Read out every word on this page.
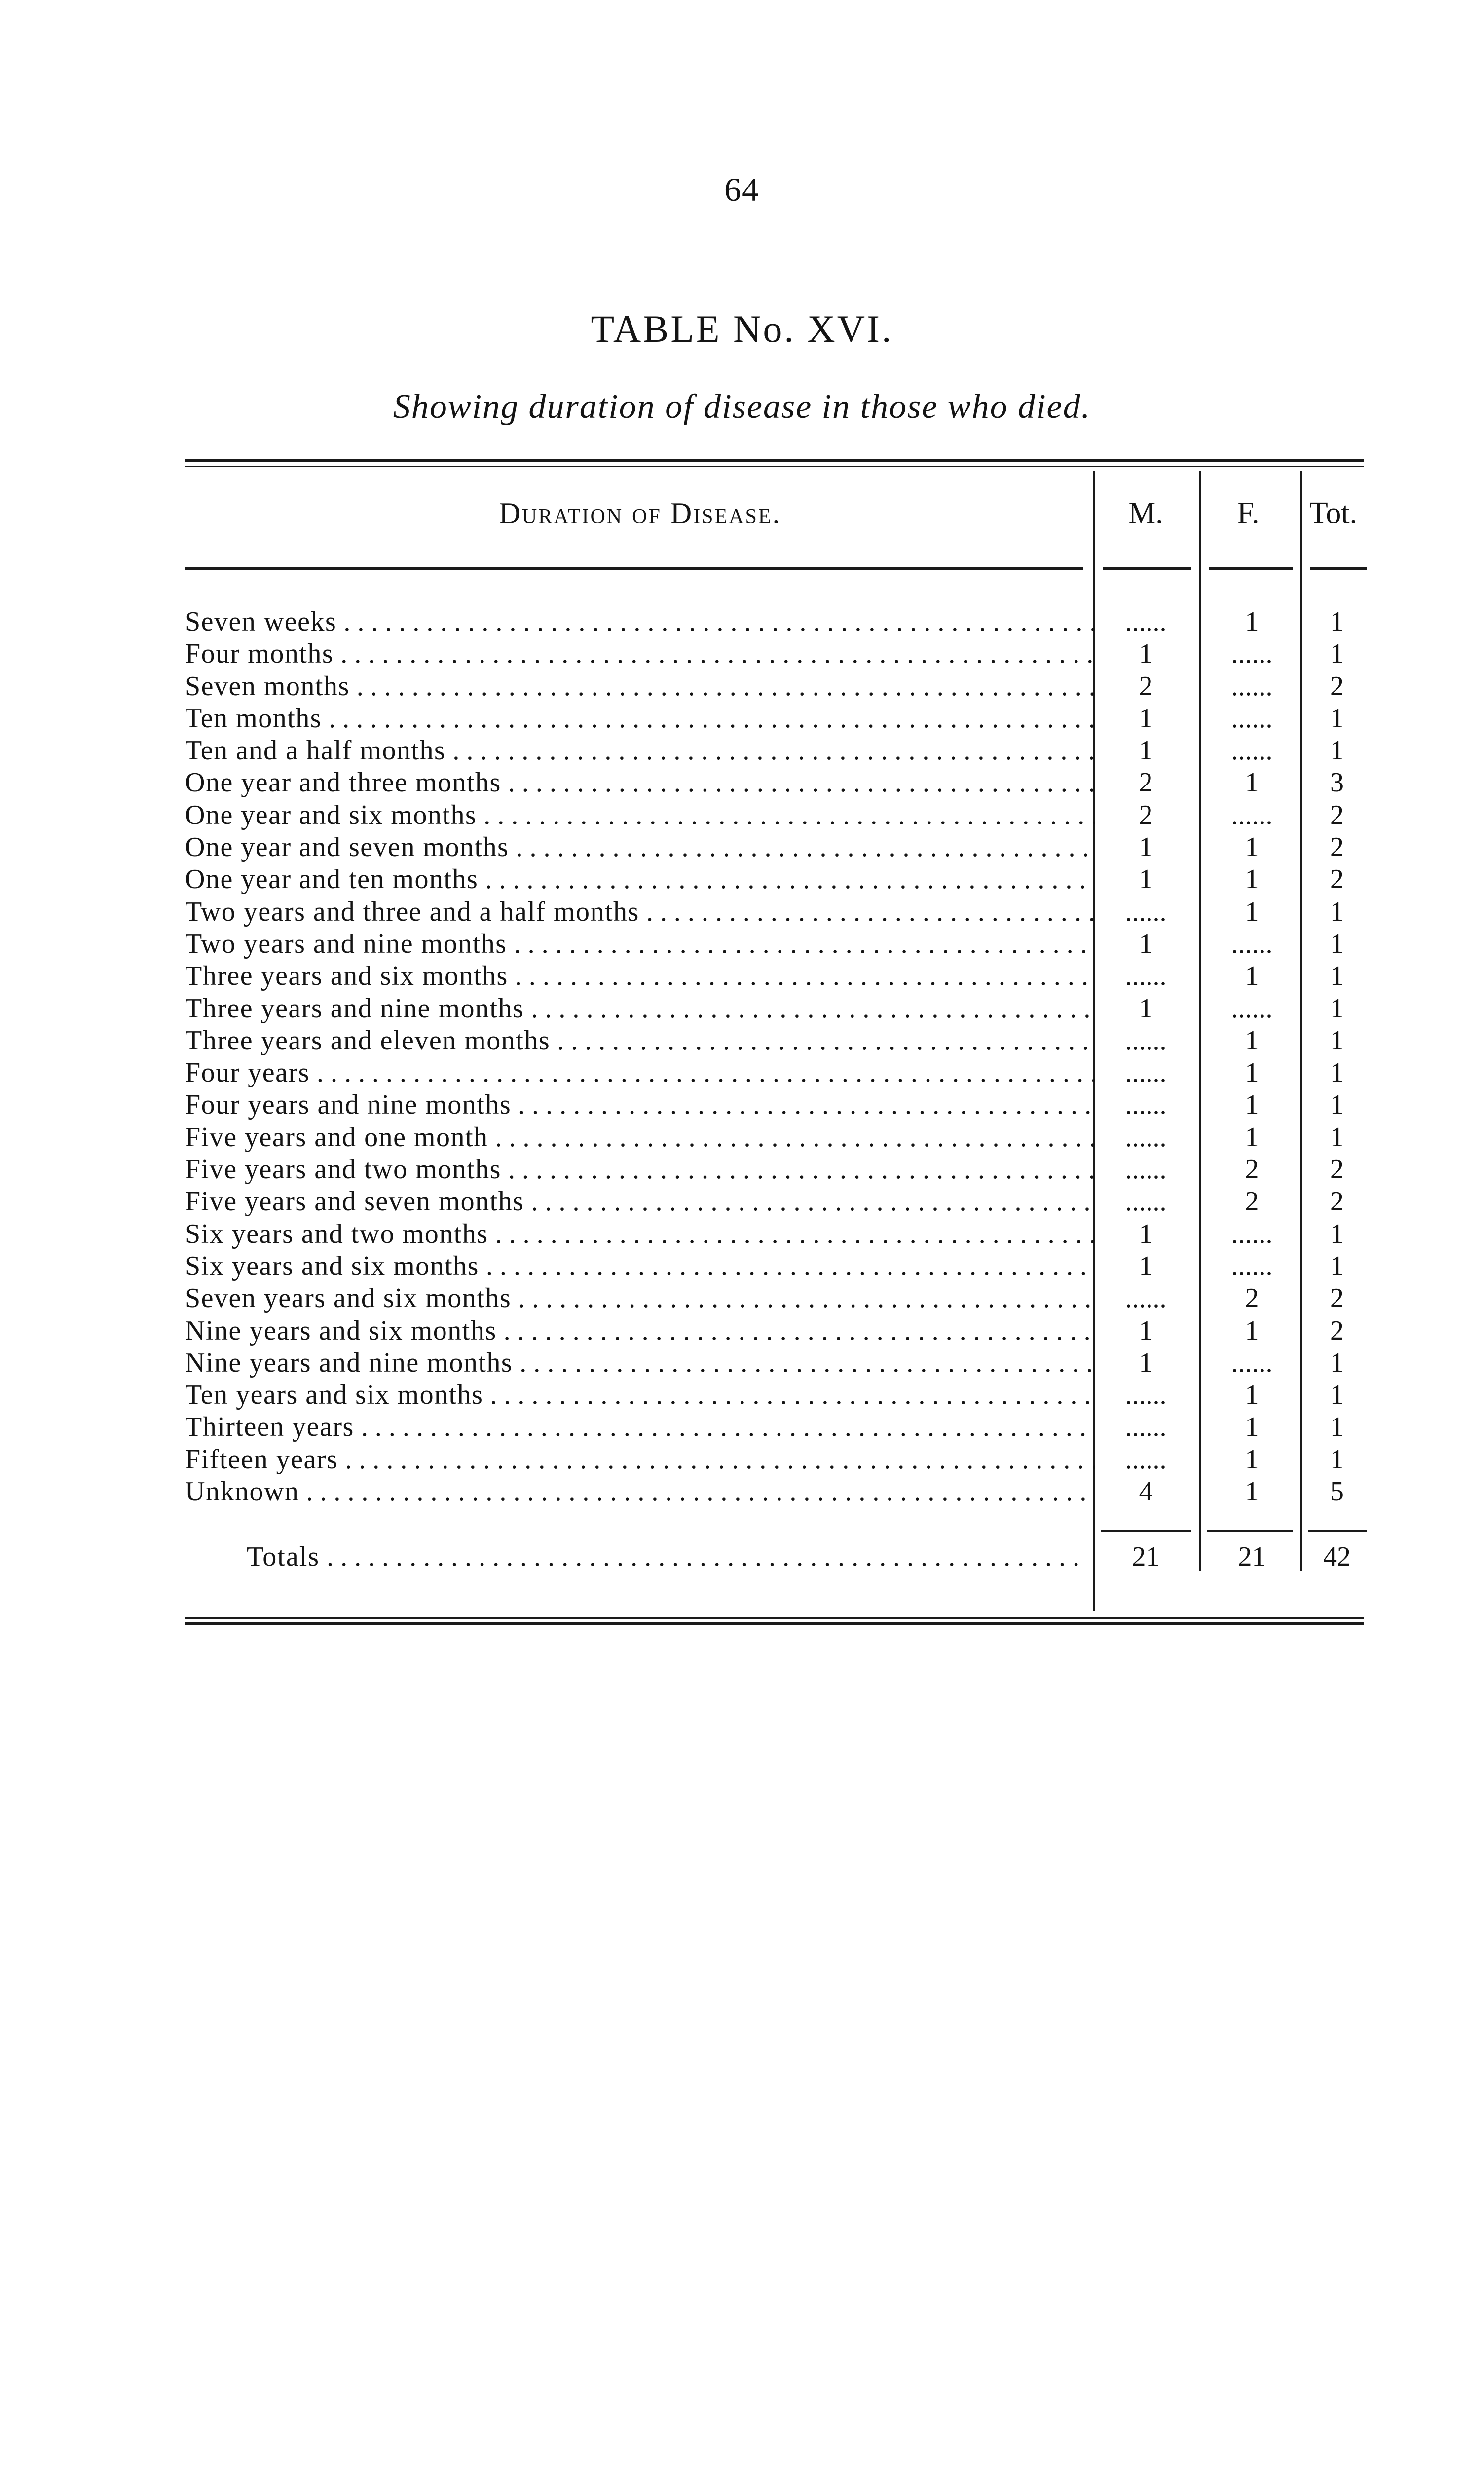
64
TABLE No. XVI.
Showing duration of disease in those who died.
Duration of Disease.	M.	F.	Tot.
Seven weeks . . .	......	1	1
Four months . . .	1	......	1
Seven months . . .	2	......	2
Ten months . . .	1	......	1
Ten and a half months . . .	1	......	1
One year and three months . . .	2	1	3
One year and six months . . .	2	......	2
One year and seven months . . .	1	1	2
One year and ten months . . .	1	1	2
Two years and three and a half months . . .	......	1	1
Two years and nine months . . .	1	......	1
Three years and six months . . .	......	1	1
Three years and nine months . . .	1	......	1
Three years and eleven months . . .	......	1	1
Four years . . .	......	1	1
Four years and nine months . . .	......	1	1
Five years and one month . . .	......	1	1
Five years and two months . . .	......	2	2
Five years and seven months . . .	......	2	2
Six years and two months . . .	1	......	1
Six years and six months . . .	1	......	1
Seven years and six months . . .	......	2	2
Nine years and six months . . .	1	1	2
Nine years and nine months . . .	1	......	1
Ten years and six months . . .	......	1	1
Thirteen years . . .	......	1	1
Fifteen years . . .	......	1	1
Unknown . . .	4	1	5
Totals . . .	21	21	42
